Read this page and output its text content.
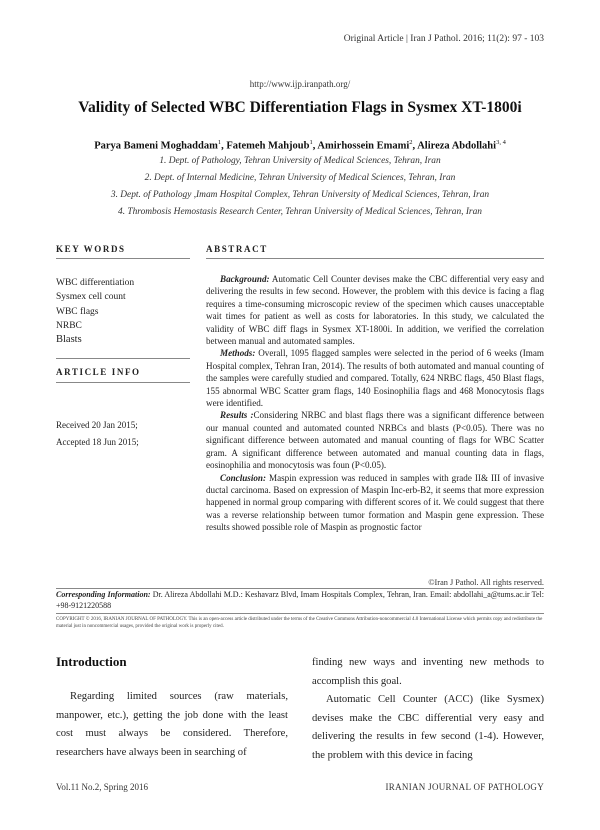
Original Article | Iran J Pathol. 2016; 11(2): 97 - 103
http://www.ijp.iranpath.org/
Validity of Selected WBC Differentiation Flags in Sysmex XT-1800i
Parya Bameni Moghaddam$^1$, Fatemeh Mahjoub$^1$, Amirhossein Emami$^2$, Alireza Abdollahi$^{3, 4}$
1. Dept. of Pathology, Tehran University of Medical Sciences, Tehran, Iran
2. Dept. of Internal Medicine, Tehran University of Medical Sciences, Tehran, Iran
3. Dept. of Pathology ,Imam Hospital Complex, Tehran University of Medical Sciences, Tehran, Iran
4. Thrombosis Hemostasis Research Center, Tehran University of Medical Sciences, Tehran, Iran
KEY WORDS	ABSTRACT
WBC differentiation
Sysmex cell count
WBC flags
NRBC
Blasts
ARTICLE INFO
Received 20 Jan 2015;
Accepted 18 Jun 2015;

Background: Automatic Cell Counter devises make the CBC differential very easy and delivering the results in few second. However, the problem with this device is facing a flag requires a time-consuming microscopic review of the specimen which causes unacceptable wait times for patient as well as costs for laboratories. In this study, we calculated the validity of WBC diff flags in Sysmex XT-1800i. In addition, we verified the correlation between manual and automated samples.

Methods: Overall, 1095 flagged samples were selected in the period of 6 weeks (Imam Hospital complex, Tehran Iran, 2014). The results of both automated and manual counting of the samples were carefully studied and compared. Totally, 624 NRBC flags, 450 Blast flags, 155 abnormal WBC Scatter gram flags, 140 Eosinophilia flags and 468 Monocytosis flags were identified.

Results :Considering NRBC and blast flags there was a significant difference between our manual counted and automated counted NRBCs and blasts (P<0.05). There was no significant difference between automated and manual counting of flags for WBC Scatter gram. A significant difference between automated and manual counting data in flags, eosinophilia and monocytosis was foun (P<0.05).

Conclusion: Maspin expression was reduced in samples with grade II& III of invasive ductal carcinoma. Based on expression of Maspin Inc-erb-B2, it seems that more expression happened in normal group comparing with different scores of it. We could suggest that there was a reverse relationship between tumor formation and Maspin gene expression. These results showed possible role of Maspin as prognostic factor

©Iran J Pathol. All rights reserved.
Corresponding Information: Dr. Alireza Abdollahi M.D.: Keshavarz Blvd, Imam Hospitals Complex, Tehran, Iran. Email: abdollahi_a@tums.ac.ir Tel: +98-9121220588
COPYRIGHT © 2016, IRANIAN JOURNAL OF PATHOLOGY. This is an open-access article distributed under the terms of the Creative Commons Attribution-noncommercial 4.0 International License which permits copy and redistribute the material just in noncommercial usages, provided the original work is properly cited.
Introduction

Regarding limited sources (raw materials, manpower, etc.), getting the job done with the least cost must always be considered. Therefore, researchers have always been in searching of

finding new ways and inventing new methods to accomplish this goal.

Automatic Cell Counter (ACC) (like Sysmex) devises make the CBC differential very easy and delivering the results in few second (1-4). However, the problem with this device in facing

Vol.11 No.2, Spring 2016	IRANIAN JOURNAL OF PATHOLOGY
